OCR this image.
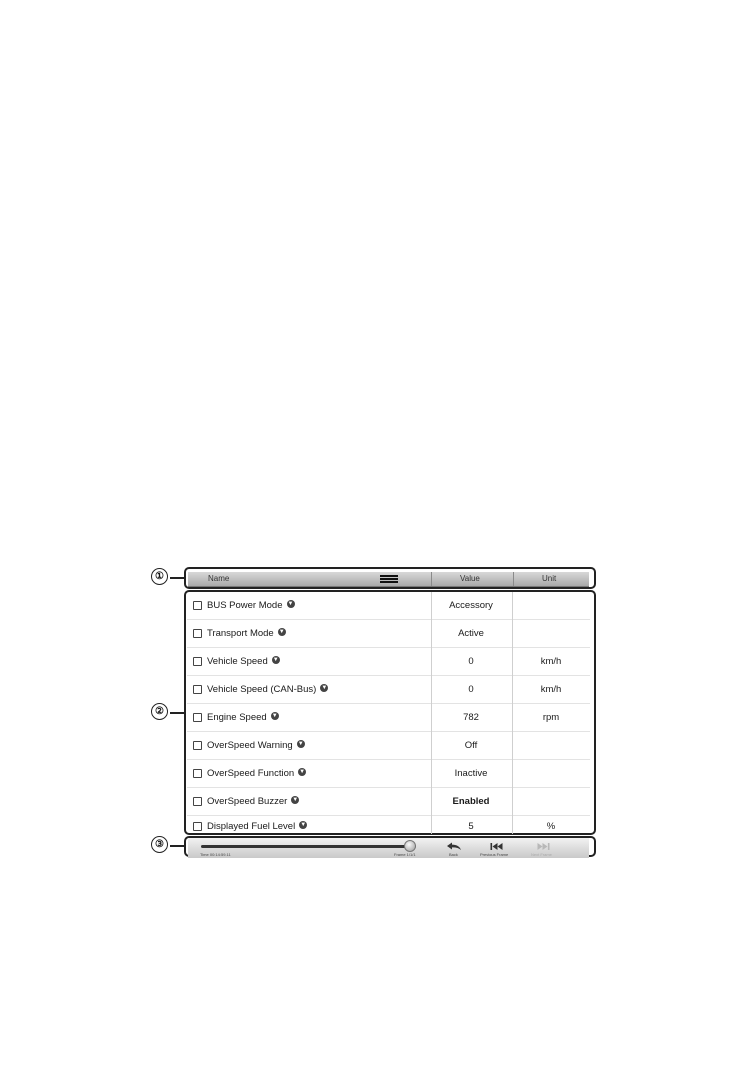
①
②
③
Name	Value	Unit
BUS Power Mode ▼	Accessory
Transport Mode ▼	Active
Vehicle Speed ▼	0	km/h
Vehicle Speed (CAN-Bus) ▼	0	km/h
Engine Speed ▼	782	rpm
OverSpeed Warning ▼	Off
OverSpeed Function ▼	Inactive
OverSpeed Buzzer ▼	Enabled
Displayed Fuel Level ▼	5	%
Time 00:14:59.11	Frame 1/1/1	Back	Previous Frame	Next Frame
